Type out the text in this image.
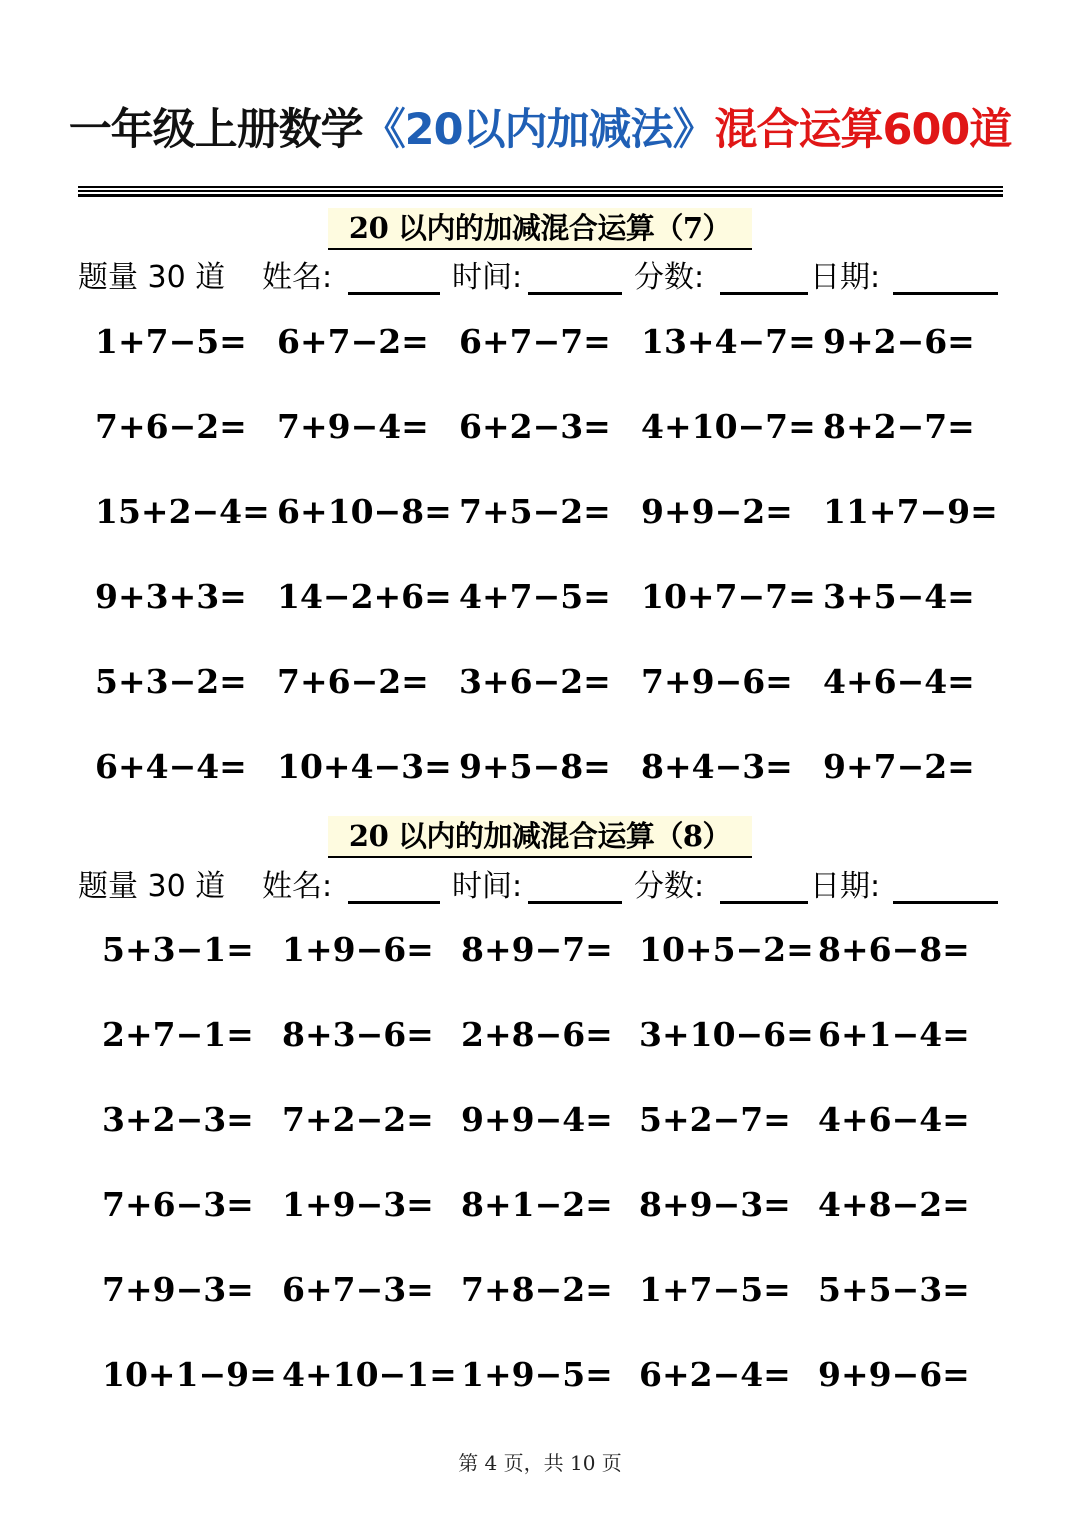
一年级上册数学《20以内加减法》混合运算600道
20 以内的加减混合运算（7）
题量 30 道 姓名:	时间:	分数:	日期:
1+7−5= 6+7−2= 6+7−7= 13+4−7= 9+2−6=
7+6−2= 7+9−4= 6+2−3= 4+10−7= 8+2−7=
15+2−4= 6+10−8= 7+5−2= 9+9−2= 11+7−9=
9+3+3= 14−2+6= 4+7−5= 10+7−7= 3+5−4=
5+3−2= 7+6−2= 3+6−2= 7+9−6= 4+6−4=
6+4−4= 10+4−3= 9+5−8= 8+4−3= 9+7−2=
20 以内的加减混合运算（8）
题量 30 道 姓名:	时间:	分数:	日期:
5+3−1= 1+9−6= 8+9−7= 10+5−2= 8+6−8=
2+7−1= 8+3−6= 2+8−6= 3+10−6= 6+1−4=
3+2−3= 7+2−2= 9+9−4= 5+2−7= 4+6−4=
7+6−3= 1+9−3= 8+1−2= 8+9−3= 4+8−2=
7+9−3= 6+7−3= 7+8−2= 1+7−5= 5+5−3=
10+1−9= 4+10−1= 1+9−5= 6+2−4= 9+9−6=
第 4 页，共 10 页
